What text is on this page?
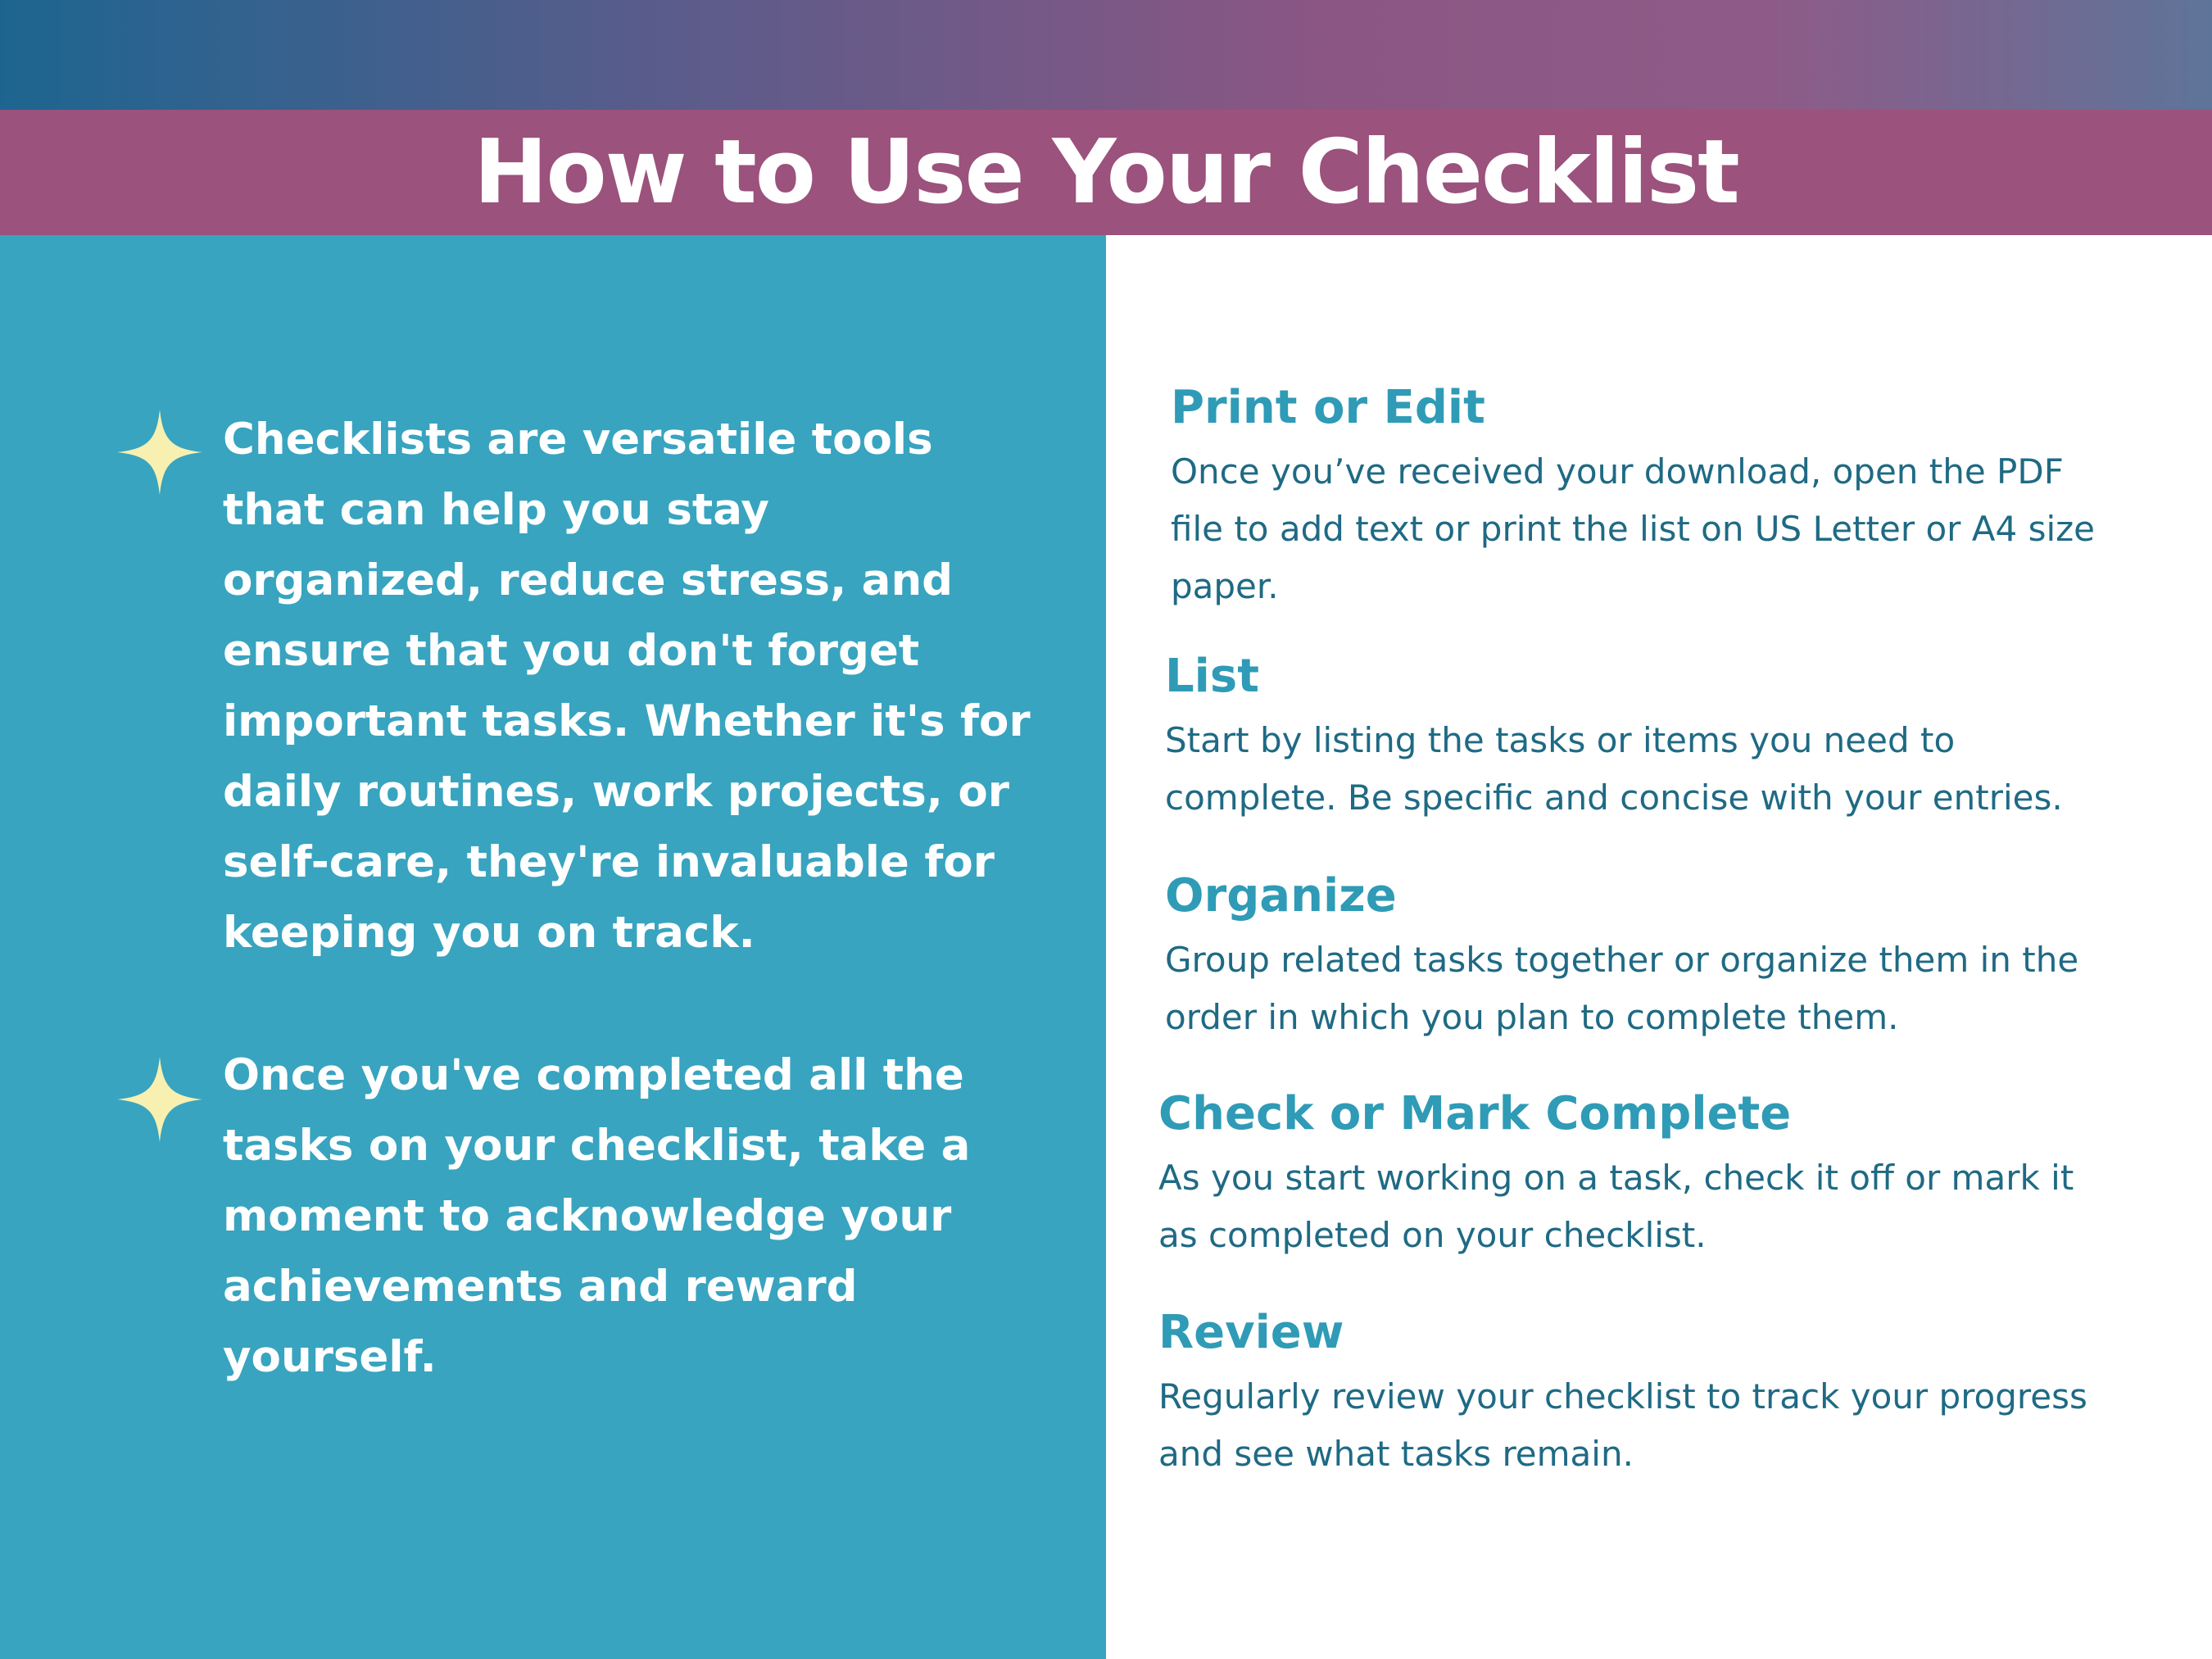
How to Use Your Checklist

Checklists are versatile tools that can help you stay organized, reduce stress, and ensure that you don't forget important tasks. Whether it's for daily routines, work projects, or self-care, they're invaluable for keeping you on track.

Once you've completed all the tasks on your checklist, take a moment to acknowledge your achievements and reward yourself.

Print or Edit

Once you’ve received your download, open the PDF file to add text or print the list on US Letter or A4 size paper.

List

Start by listing the tasks or items you need to complete. Be specific and concise with your entries.

Organize

Group related tasks together or organize them in the order in which you plan to complete them.

Check or Mark Complete

As you start working on a task, check it off or mark it as completed on your checklist.

Review

Regularly review your checklist to track your progress and see what tasks remain.
